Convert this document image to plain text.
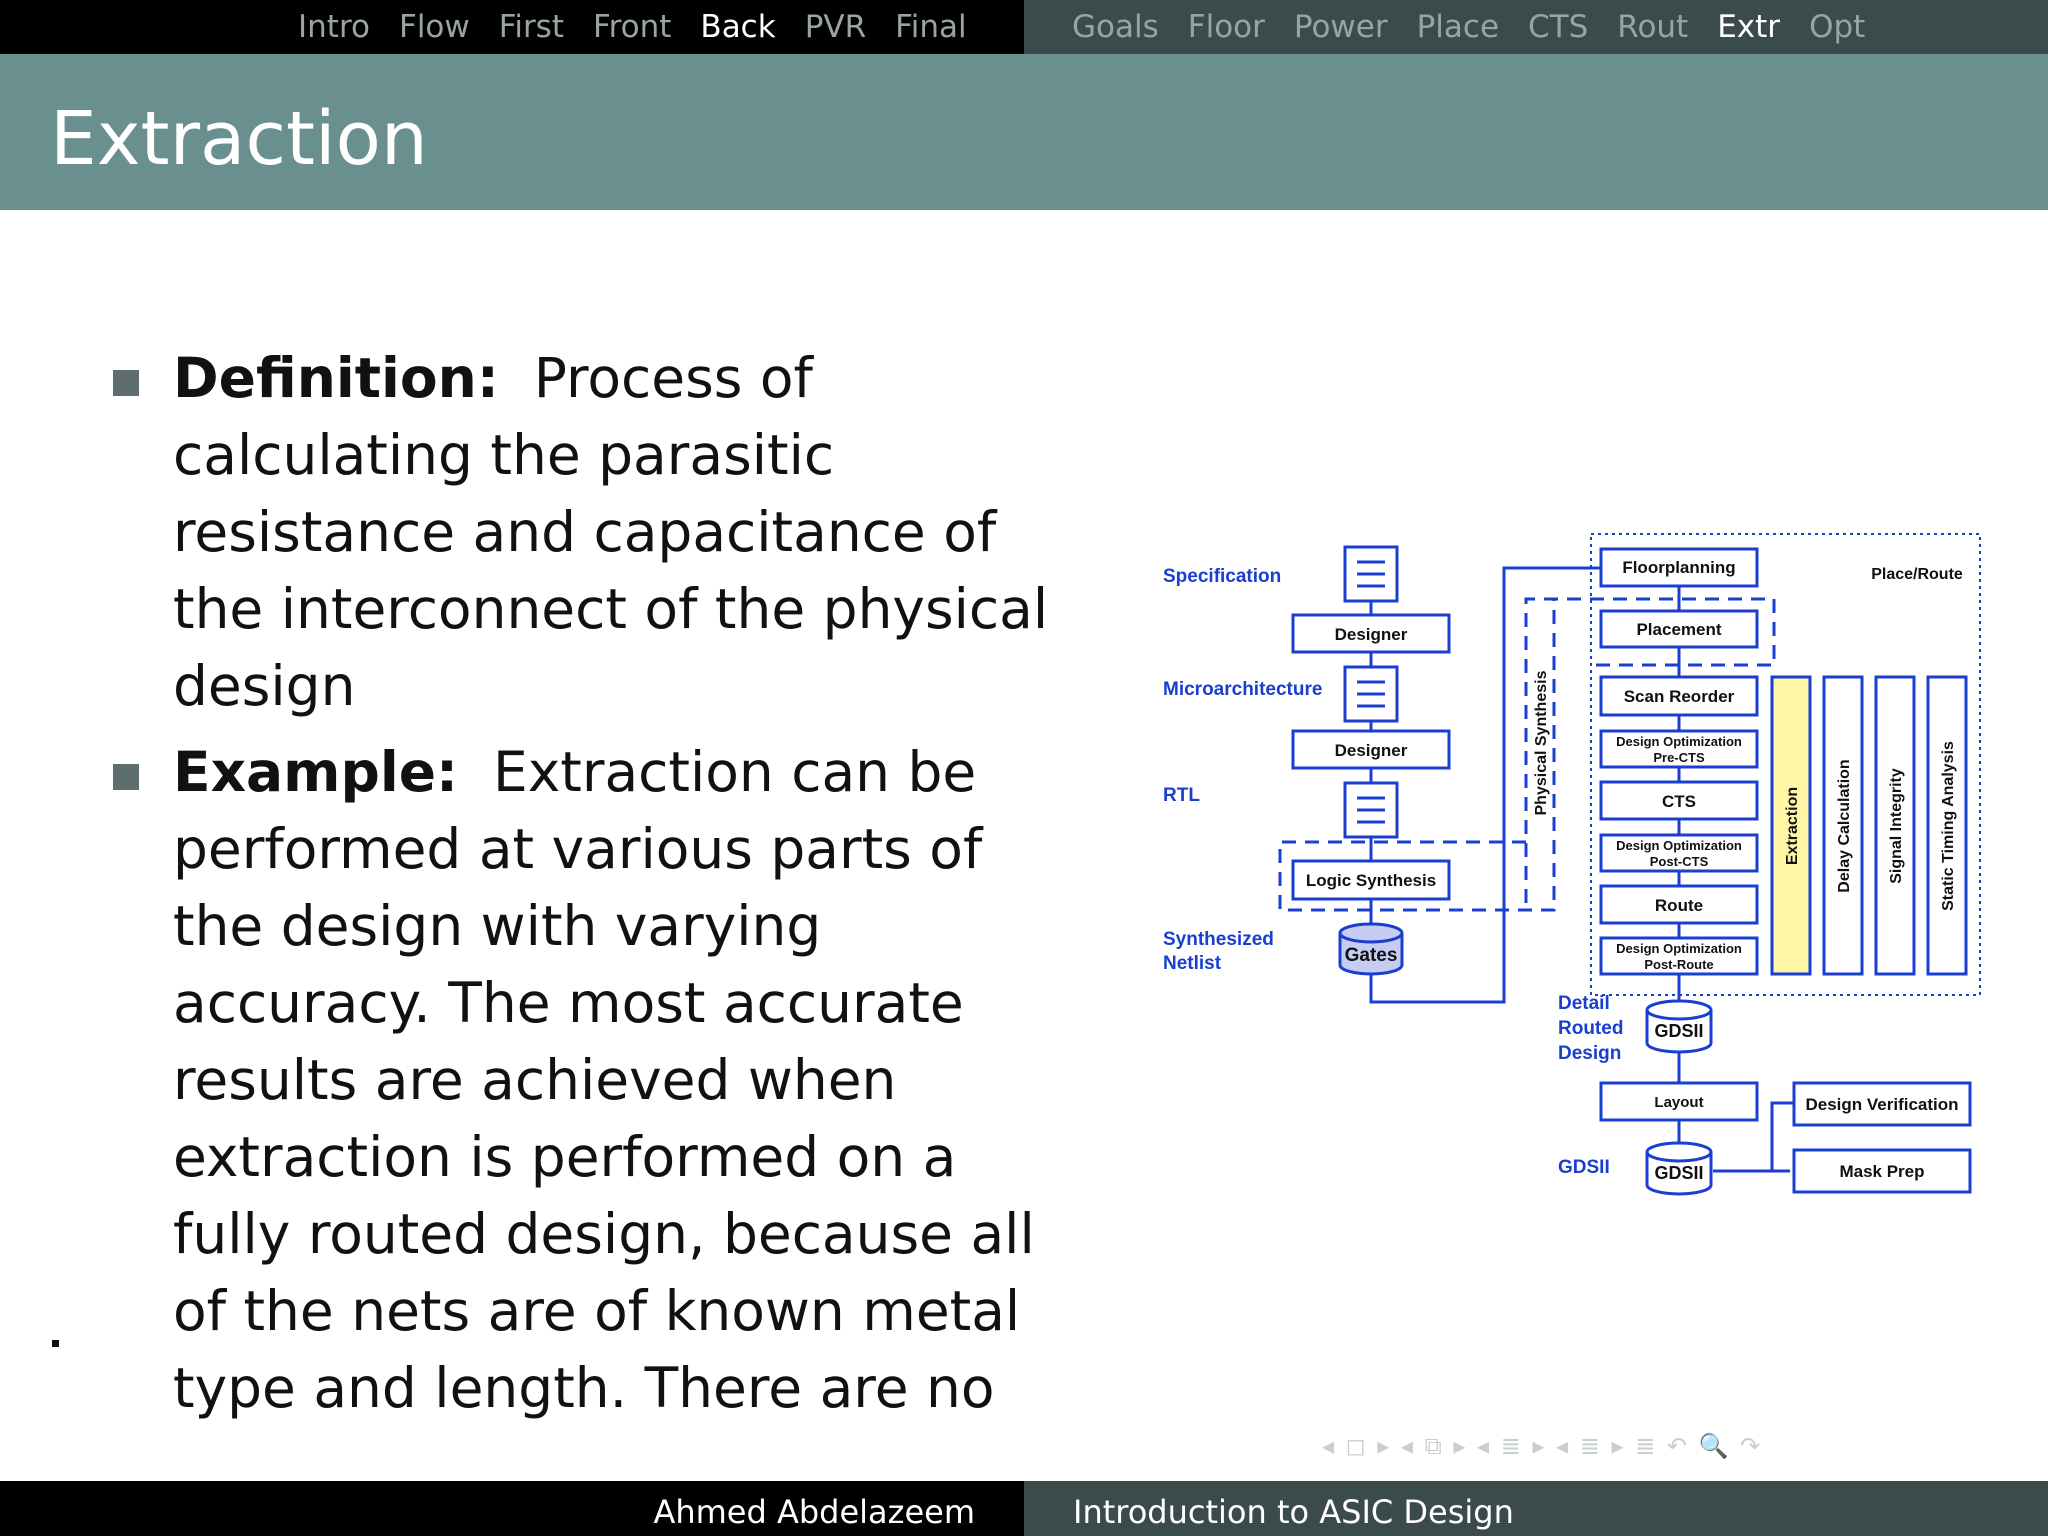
Intro Flow First Front Back PVR Final	Goals Floor Power Place CTS Rout Extr Opt
Extraction
Definition: Process of calculating the parasitic resistance and capacitance of the interconnect of the physical design
Example: Extraction can be performed at various parts of the design with varying accuracy. The most accurate results are achieved when extraction is performed on a fully routed design, because all of the nets are of known metal type and length. There are no
Specification
Microarchitecture
RTL
Synthesized
Netlist
Detail
Routed
Design
GDSII
Designer
Designer
Logic Synthesis
Gates
Floorplanning
Placement
Scan Reorder
Design Optimization
Pre-CTS
CTS
Design Optimization
Post-CTS
Route
Design Optimization
Post-Route
GDSII
Layout
GDSII
Design Verification
Mask Prep
Place/Route
Physical Synthesis
Extraction Delay Calculation Signal Integrity Static Timing Analysis
◂ ◻ ▸ ◂ ⧉ ▸ ◂ ≣ ▸ ◂ ≣ ▸ ≣ ↶ 🔍 ↷
Ahmed Abdelazeem	Introduction to ASIC Design
